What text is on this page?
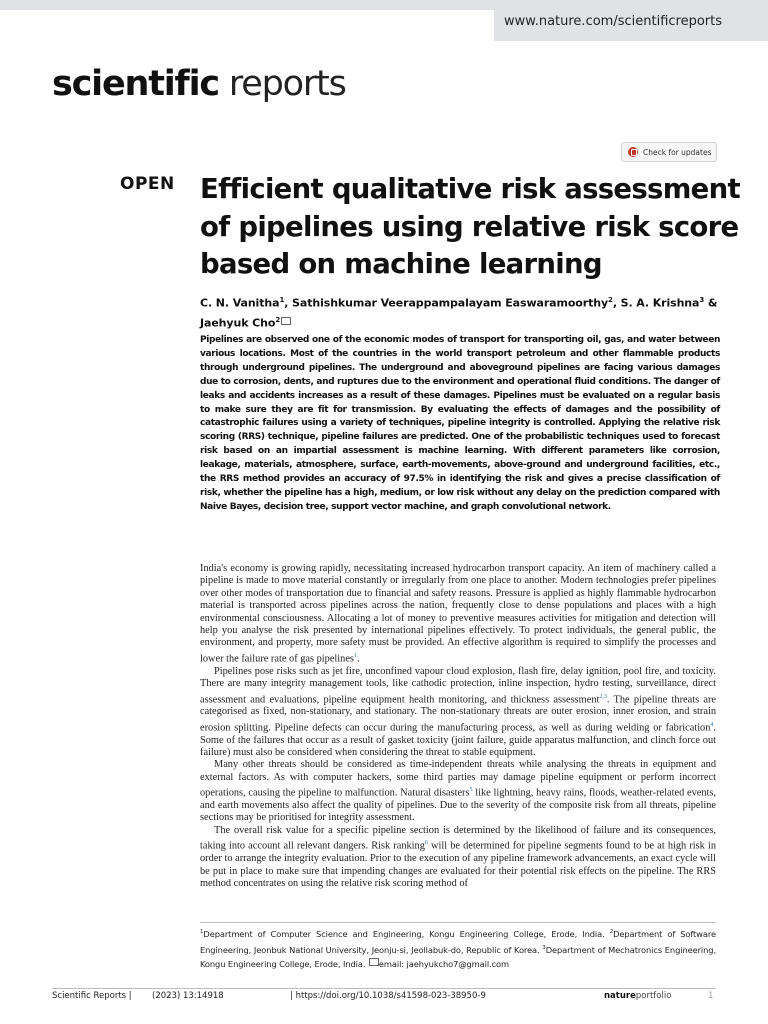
www.nature.com/scientificreports
scientific reports
Check for updates
OPEN Efficient qualitative risk assessment of pipelines using relative risk score based on machine learning
C. N. Vanitha$^1$, Sathishkumar Veerappampalayam Easwaramoorthy$^2$, S. A. Krishna$^3$ & Jaehyuk Cho$^2$
Pipelines are observed one of the economic modes of transport for transporting oil, gas, and water between various locations. Most of the countries in the world transport petroleum and other flammable products through underground pipelines. The underground and aboveground pipelines are facing various damages due to corrosion, dents, and ruptures due to the environment and operational fluid conditions. The danger of leaks and accidents increases as a result of these damages. Pipelines must be evaluated on a regular basis to make sure they are fit for transmission. By evaluating the effects of damages and the possibility of catastrophic failures using a variety of techniques, pipeline integrity is controlled. Applying the relative risk scoring (RRS) technique, pipeline failures are predicted. One of the probabilistic techniques used to forecast risk based on an impartial assessment is machine learning. With different parameters like corrosion, leakage, materials, atmosphere, surface, earth-movements, above-ground and underground facilities, etc., the RRS method provides an accuracy of 97.5% in identifying the risk and gives a precise classification of risk, whether the pipeline has a high, medium, or low risk without any delay on the prediction compared with Naive Bayes, decision tree, support vector machine, and graph convolutional network.

India's economy is growing rapidly, necessitating increased hydrocarbon transport capacity. An item of machinery called a pipeline is made to move material constantly or irregularly from one place to another. Modern technologies prefer pipelines over other modes of transportation due to financial and safety reasons. Pressure is applied as highly flammable hydrocarbon material is transported across pipelines across the nation, frequently close to dense populations and places with a high environmental consciousness. Allocating a lot of money to preventive measures activities for mitigation and detection will help you analyse the risk presented by international pipelines effectively. To protect individuals, the general public, the environment, and property, more safety must be provided. An effective algorithm is required to simplify the processes and lower the failure rate of gas pipelines$^1$.

Pipelines pose risks such as jet fire, unconfined vapour cloud explosion, flash fire, delay ignition, pool fire, and toxicity. There are many integrity management tools, like cathodic protection, inline inspection, hydro testing, surveillance, direct assessment and evaluations, pipeline equipment health monitoring, and thickness assessment$^{2,3}$. The pipeline threats are categorised as fixed, non-stationary, and stationary. The non-stationary threats are outer erosion, inner erosion, and strain erosion splitting. Pipeline defects can occur during the manufacturing process, as well as during welding or fabrication$^4$. Some of the failures that occur as a result of gasket toxicity (joint failure, guide apparatus malfunction, and clinch force out failure) must also be considered when considering the threat to stable equipment.

Many other threats should be considered as time-independent threats while analysing the threats in equipment and external factors. As with computer hackers, some third parties may damage pipeline equipment or perform incorrect operations, causing the pipeline to malfunction. Natural disasters$^5$ like lightning, heavy rains, floods, weather-related events, and earth movements also affect the quality of pipelines. Due to the severity of the composite risk from all threats, pipeline sections may be prioritised for integrity assessment.

The overall risk value for a specific pipeline section is determined by the likelihood of failure and its consequences, taking into account all relevant dangers. Risk ranking$^6$ will be determined for pipeline segments found to be at high risk in order to arrange the integrity evaluation. Prior to the execution of any pipeline framework advancements, an exact cycle will be put in place to make sure that impending changes are evaluated for their potential risk effects on the pipeline. The RRS method concentrates on using the relative risk scoring method of

$^1$Department of Computer Science and Engineering, Kongu Engineering College, Erode, India. $^2$Department of Software Engineering, Jeonbuk National University, Jeonju-si, Jeollabuk-do, Republic of Korea. $^3$Department of Mechatronics Engineering, Kongu Engineering College, Erode, India. email: jaehyukcho7@gmail.com
Scientific Reports | (2023) 13:14918	| https://doi.org/10.1038/s41598-023-38950-9	natureportfolio	1
